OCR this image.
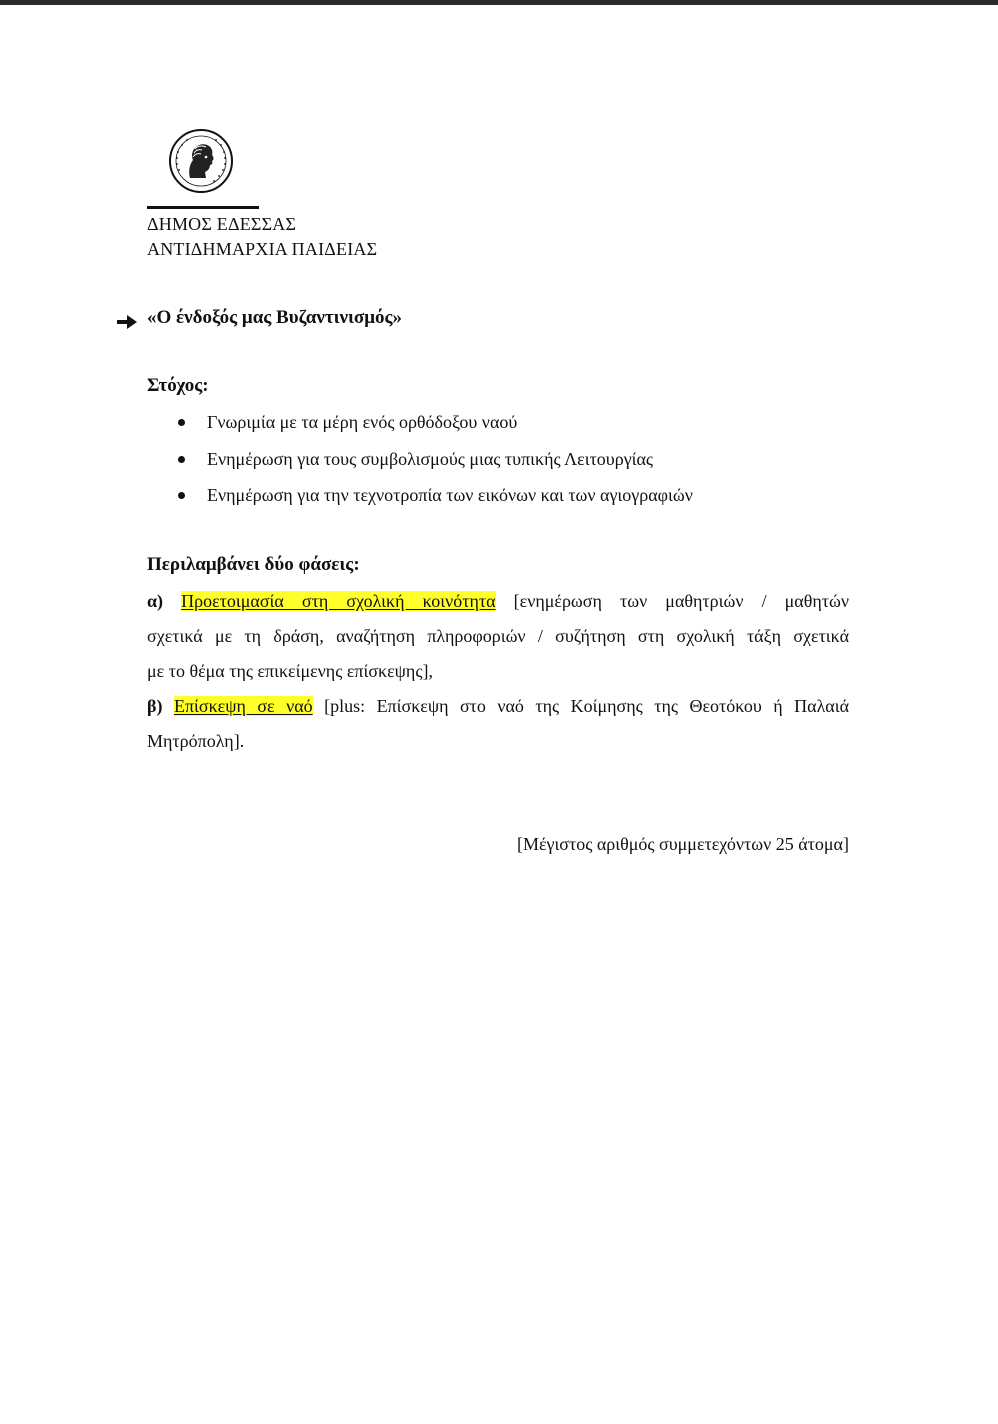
ΔΗΜΟΣ ΕΔΕΣΣΑΣ
ΑΝΤΙΔΗΜΑΡΧΙΑ ΠΑΙΔΕΙΑΣ
«Ο ένδοξός μας Βυζαντινισμός»
Στόχος:
Γνωριμία με τα μέρη ενός ορθόδοξου ναού
Ενημέρωση για τους συμβολισμούς μιας τυπικής Λειτουργίας
Ενημέρωση για την τεχνοτροπία των εικόνων και των αγιογραφιών
Περιλαμβάνει δύο φάσεις:
α) Προετοιμασία στη σχολική κοινότητα [ενημέρωση των μαθητριών / μαθητών
σχετικά με τη δράση, αναζήτηση πληροφοριών / συζήτηση στη σχολική τάξη σχετικά
με το θέμα της επικείμενης επίσκεψης],
β) Επίσκεψη σε ναό [plus: Επίσκεψη στο ναό της Κοίμησης της Θεοτόκου ή Παλαιά
Μητρόπολη].
[Μέγιστος αριθμός συμμετεχόντων 25 άτομα]
